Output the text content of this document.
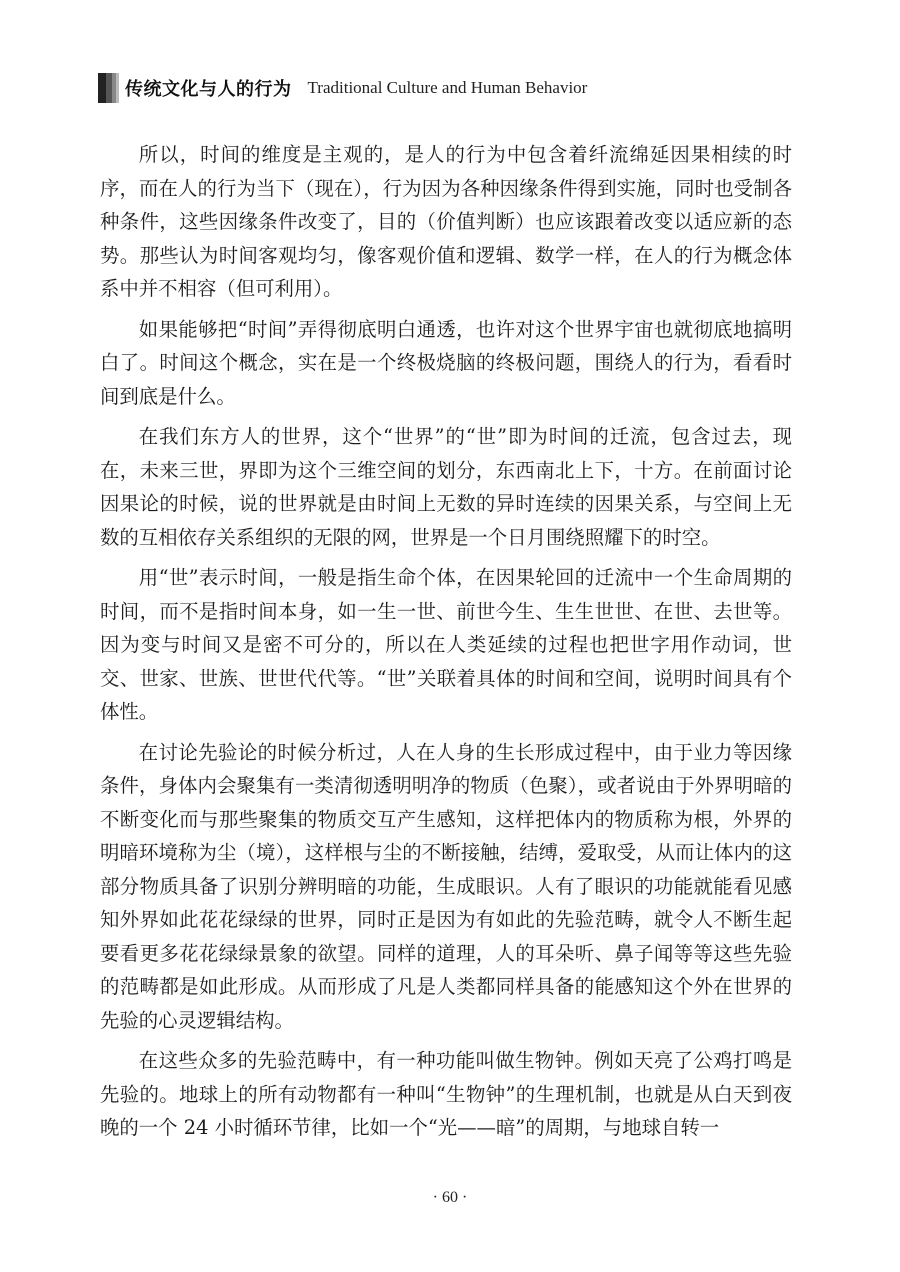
传统文化与人的行为 Traditional Culture and Human Behavior

所以，时间的维度是主观的，是人的行为中包含着纤流绵延因果相续的时序，而在人的行为当下（现在），行为因为各种因缘条件得到实施，同时也受制各种条件，这些因缘条件改变了，目的（价值判断）也应该跟着改变以适应新的态势。那些认为时间客观均匀，像客观价值和逻辑、数学一样，在人的行为概念体系中并不相容（但可利用）。

如果能够把“时间”弄得彻底明白通透，也许对这个世界宇宙也就彻底地搞明白了。时间这个概念，实在是一个终极烧脑的终极问题，围绕人的行为，看看时间到底是什么。

在我们东方人的世界，这个“世界”的“世”即为时间的迁流，包含过去，现在，未来三世，界即为这个三维空间的划分，东西南北上下，十方。在前面讨论因果论的时候，说的世界就是由时间上无数的异时连续的因果关系，与空间上无数的互相依存关系组织的无限的网，世界是一个日月围绕照耀下的时空。

用“世”表示时间，一般是指生命个体，在因果轮回的迁流中一个生命周期的时间，而不是指时间本身，如一生一世、前世今生、生生世世、在世、去世等。因为变与时间又是密不可分的，所以在人类延续的过程也把世字用作动词，世交、世家、世族、世世代代等。“世”关联着具体的时间和空间，说明时间具有个体性。

在讨论先验论的时候分析过，人在人身的生长形成过程中，由于业力等因缘条件，身体内会聚集有一类清彻透明明净的物质（色聚），或者说由于外界明暗的不断变化而与那些聚集的物质交互产生感知，这样把体内的物质称为根，外界的明暗环境称为尘（境），这样根与尘的不断接触，结缚，爱取受，从而让体内的这部分物质具备了识别分辨明暗的功能，生成眼识。人有了眼识的功能就能看见感知外界如此花花绿绿的世界，同时正是因为有如此的先验范畴，就令人不断生起要看更多花花绿绿景象的欲望。同样的道理，人的耳朵听、鼻子闻等等这些先验的范畴都是如此形成。从而形成了凡是人类都同样具备的能感知这个外在世界的先验的心灵逻辑结构。

在这些众多的先验范畴中，有一种功能叫做生物钟。例如天亮了公鸡打鸣是先验的。地球上的所有动物都有一种叫“生物钟”的生理机制，也就是从白天到夜晚的一个 24 小时循环节律，比如一个“光——暗”的周期，与地球自转一

· 60 ·
